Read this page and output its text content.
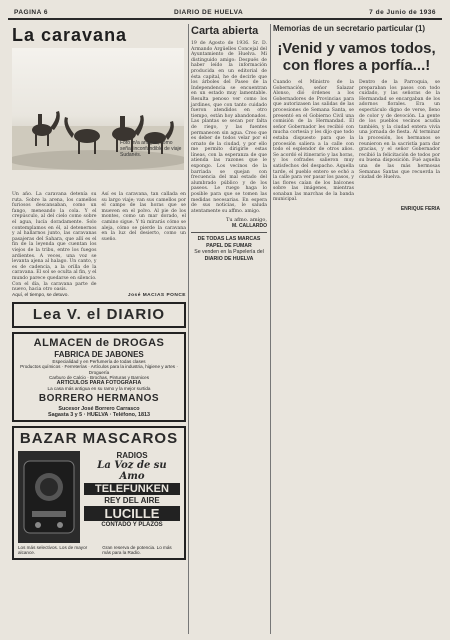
PAGINA 6	DIARIO DE HUELVA	7 de Junio de 1936
La caravana
Foto m/a antigua, como señal inconfundible de viaje Sudanés.

Un año. La caravana detenía su ruta. Sobre la arena, los camellos furiosos descansaban, como un fango, meneando la cola. Y el crepúsculo, al del cielo como sobre el agua, lucía doradamente. Solo contemplamos en él, al detenernos y al hallarnos junto, las caravanas pasajeras del Sahara, que allí es el fin de la leyenda que cuentan los viejos de la tribu, entre los fuegos ardientes. A veces, una voz se levanta ajena al halago. Un canto, y es de cadencia, a la orilla de la caravana. El sol se oculta al fin, y el mundo parece quedarse en silencio. Con el día, la caravana parte de nuevo, hacia otro oasis.

Así es la caravana, tan callada en su largo viaje; van sus camellos por el campo de las horas que se mueven en el polvo. Al pie de los montes, como un mar dorado, el camino sigue. Y tú mirarás cómo se aleja, cómo se pierde la caravana en la luz del desierto, como un sueño.

Aquí, el tiempo, se detuvo.	José MACIAS PONCE
Lea V. el DIARIO
ALMACEN de DROGAS
FABRICA DE JABONES
Especialidad y en Perfumería de todas clases
Productos químicos · Ferreterías · Artículos para la industria, higiene y artes · Droguería
Carburo de Calcio · Brochas, Pinturas y Barnices
ARTICULOS PARA FOTOGRAFIA
La casa más antigua en su ramo y la mejor surtida
BORRERO HERMANOS
Sucesor José Borrero Carrasco
Sagasta 3 y 5 · HUELVA · Teléfono, 1813
BAZAR MASCAROS
RADIOS
La Voz de su Amo
TELEFUNKEN
REY DEL AIRE
LUCILLE
CONTADO Y PLAZOS
Los más selectivos. Los de mayor alcance.
Gran reserva de potencia. Lo más más para la Radio.
Carta abierta

19 de Agosto de 1936. Sr. D. Armando Argüelles Concejal del Ayuntamiento de Huelva. Mi distinguido amigo: Después de haber leído la información producida en un editorial de ésta capital, he de decirle que los árboles del Paseo de la Independencia se encuentran en un estado muy lamentable. Resulta penoso ver como los jardines, que con tanto cuidado fueron atendidos en otro tiempo, están hoy abandonados. Las plantas se secan por falta de riego, y las fuentes permanecen sin agua. Creo que es deber de todos velar por el ornato de la ciudad, y por ello me permito dirigirle estas líneas, con la esperanza de que atienda las razones que le expongo. Los vecinos de la barriada se quejan con frecuencia del mal estado del alumbrado público y de los paseos. Le ruego haga lo posible para que se tomen las medidas necesarias. En espera de sus noticias, le saluda atentamente su affmo. amigo.

Tu afmo. amigo,
M. CALLARDO
DE TODAS LAS MARCAS
PAPEL DE FUMAR
Se venden en la Papelería del
DIARIO DE HUELVA
Memorias de un secretario particular (1)
¡Venid y vamos todos, con flores a porfía...!

Cuando el Ministro de la Gobernación, señor Salazar Alonso, dió órdenes a los Gobernadores de Provincias para que autorizasen las salidas de las procesiones de Semana Santa, se presentó en el Gobierno Civil una comisión de la Hermandad. El señor Gobernador les recibió con mucha cortesía y les dijo que todo estaba dispuesto para que la procesión saliera a la calle con todo el esplendor de otros años. Se acordó el itinerario y las horas, y los cofrades salieron muy satisfechos del despacho. Aquella tarde, el pueblo entero se echó a la calle para ver pasar los pasos, y las flores caían de los balcones sobre las imágenes, mientras sonaban las marchas de la banda municipal.

Dentro de la Parroquia, se preparaban los pasos con todo cuidado, y las señoras de la Hermandad se encargaban de los adornos florales. Era un espectáculo digno de verse, lleno de color y de devoción. La gente de los pueblos vecinos acudía también, y la ciudad entera vivía una jornada de fiesta. Al terminar la procesión, los hermanos se reunieron en la sacristía para dar gracias, y el señor Gobernador recibió la felicitación de todos por su buena disposición. Fué aquella una de las más hermosas Semanas Santas que recuerda la ciudad de Huelva.

ENRIQUE FERIA
